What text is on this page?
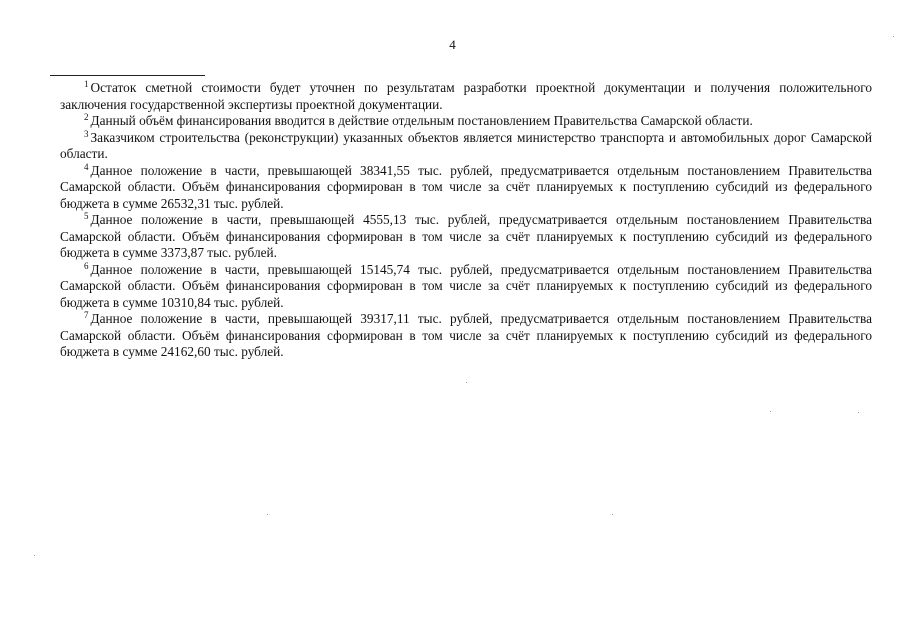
4

$^1$ Остаток сметной стоимости будет уточнен по результатам разработки проектной документации и получения положительного заключения государственной экспертизы проектной документации.

$^2$ Данный объём финансирования вводится в действие отдельным постановлением Правительства Самарской области.

$^3$ Заказчиком строительства (реконструкции) указанных объектов является министерство транспорта и автомобильных дорог Самарской области.

$^4$ Данное положение в части, превышающей 38341,55 тыс. рублей, предусматривается отдельным постановлением Правительства Самарской области. Объём финансирования сформирован в том числе за счёт планируемых к поступлению субсидий из федерального бюджета в сумме 26532,31 тыс. рублей.

$^5$ Данное положение в части, превышающей 4555,13 тыс. рублей, предусматривается отдельным постановлением Правительства Самарской области. Объём финансирования сформирован в том числе за счёт планируемых к поступлению субсидий из федерального бюджета в сумме 3373,87 тыс. рублей.

$^6$ Данное положение в части, превышающей 15145,74 тыс. рублей, предусматривается отдельным постановлением Правительства Самарской области. Объём финансирования сформирован в том числе за счёт планируемых к поступлению субсидий из федерального бюджета в сумме 10310,84 тыс. рублей.

$^7$ Данное положение в части, превышающей 39317,11 тыс. рублей, предусматривается отдельным постановлением Правительства Самарской области. Объём финансирования сформирован в том числе за счёт планируемых к поступлению субсидий из федерального бюджета в сумме 24162,60 тыс. рублей.
